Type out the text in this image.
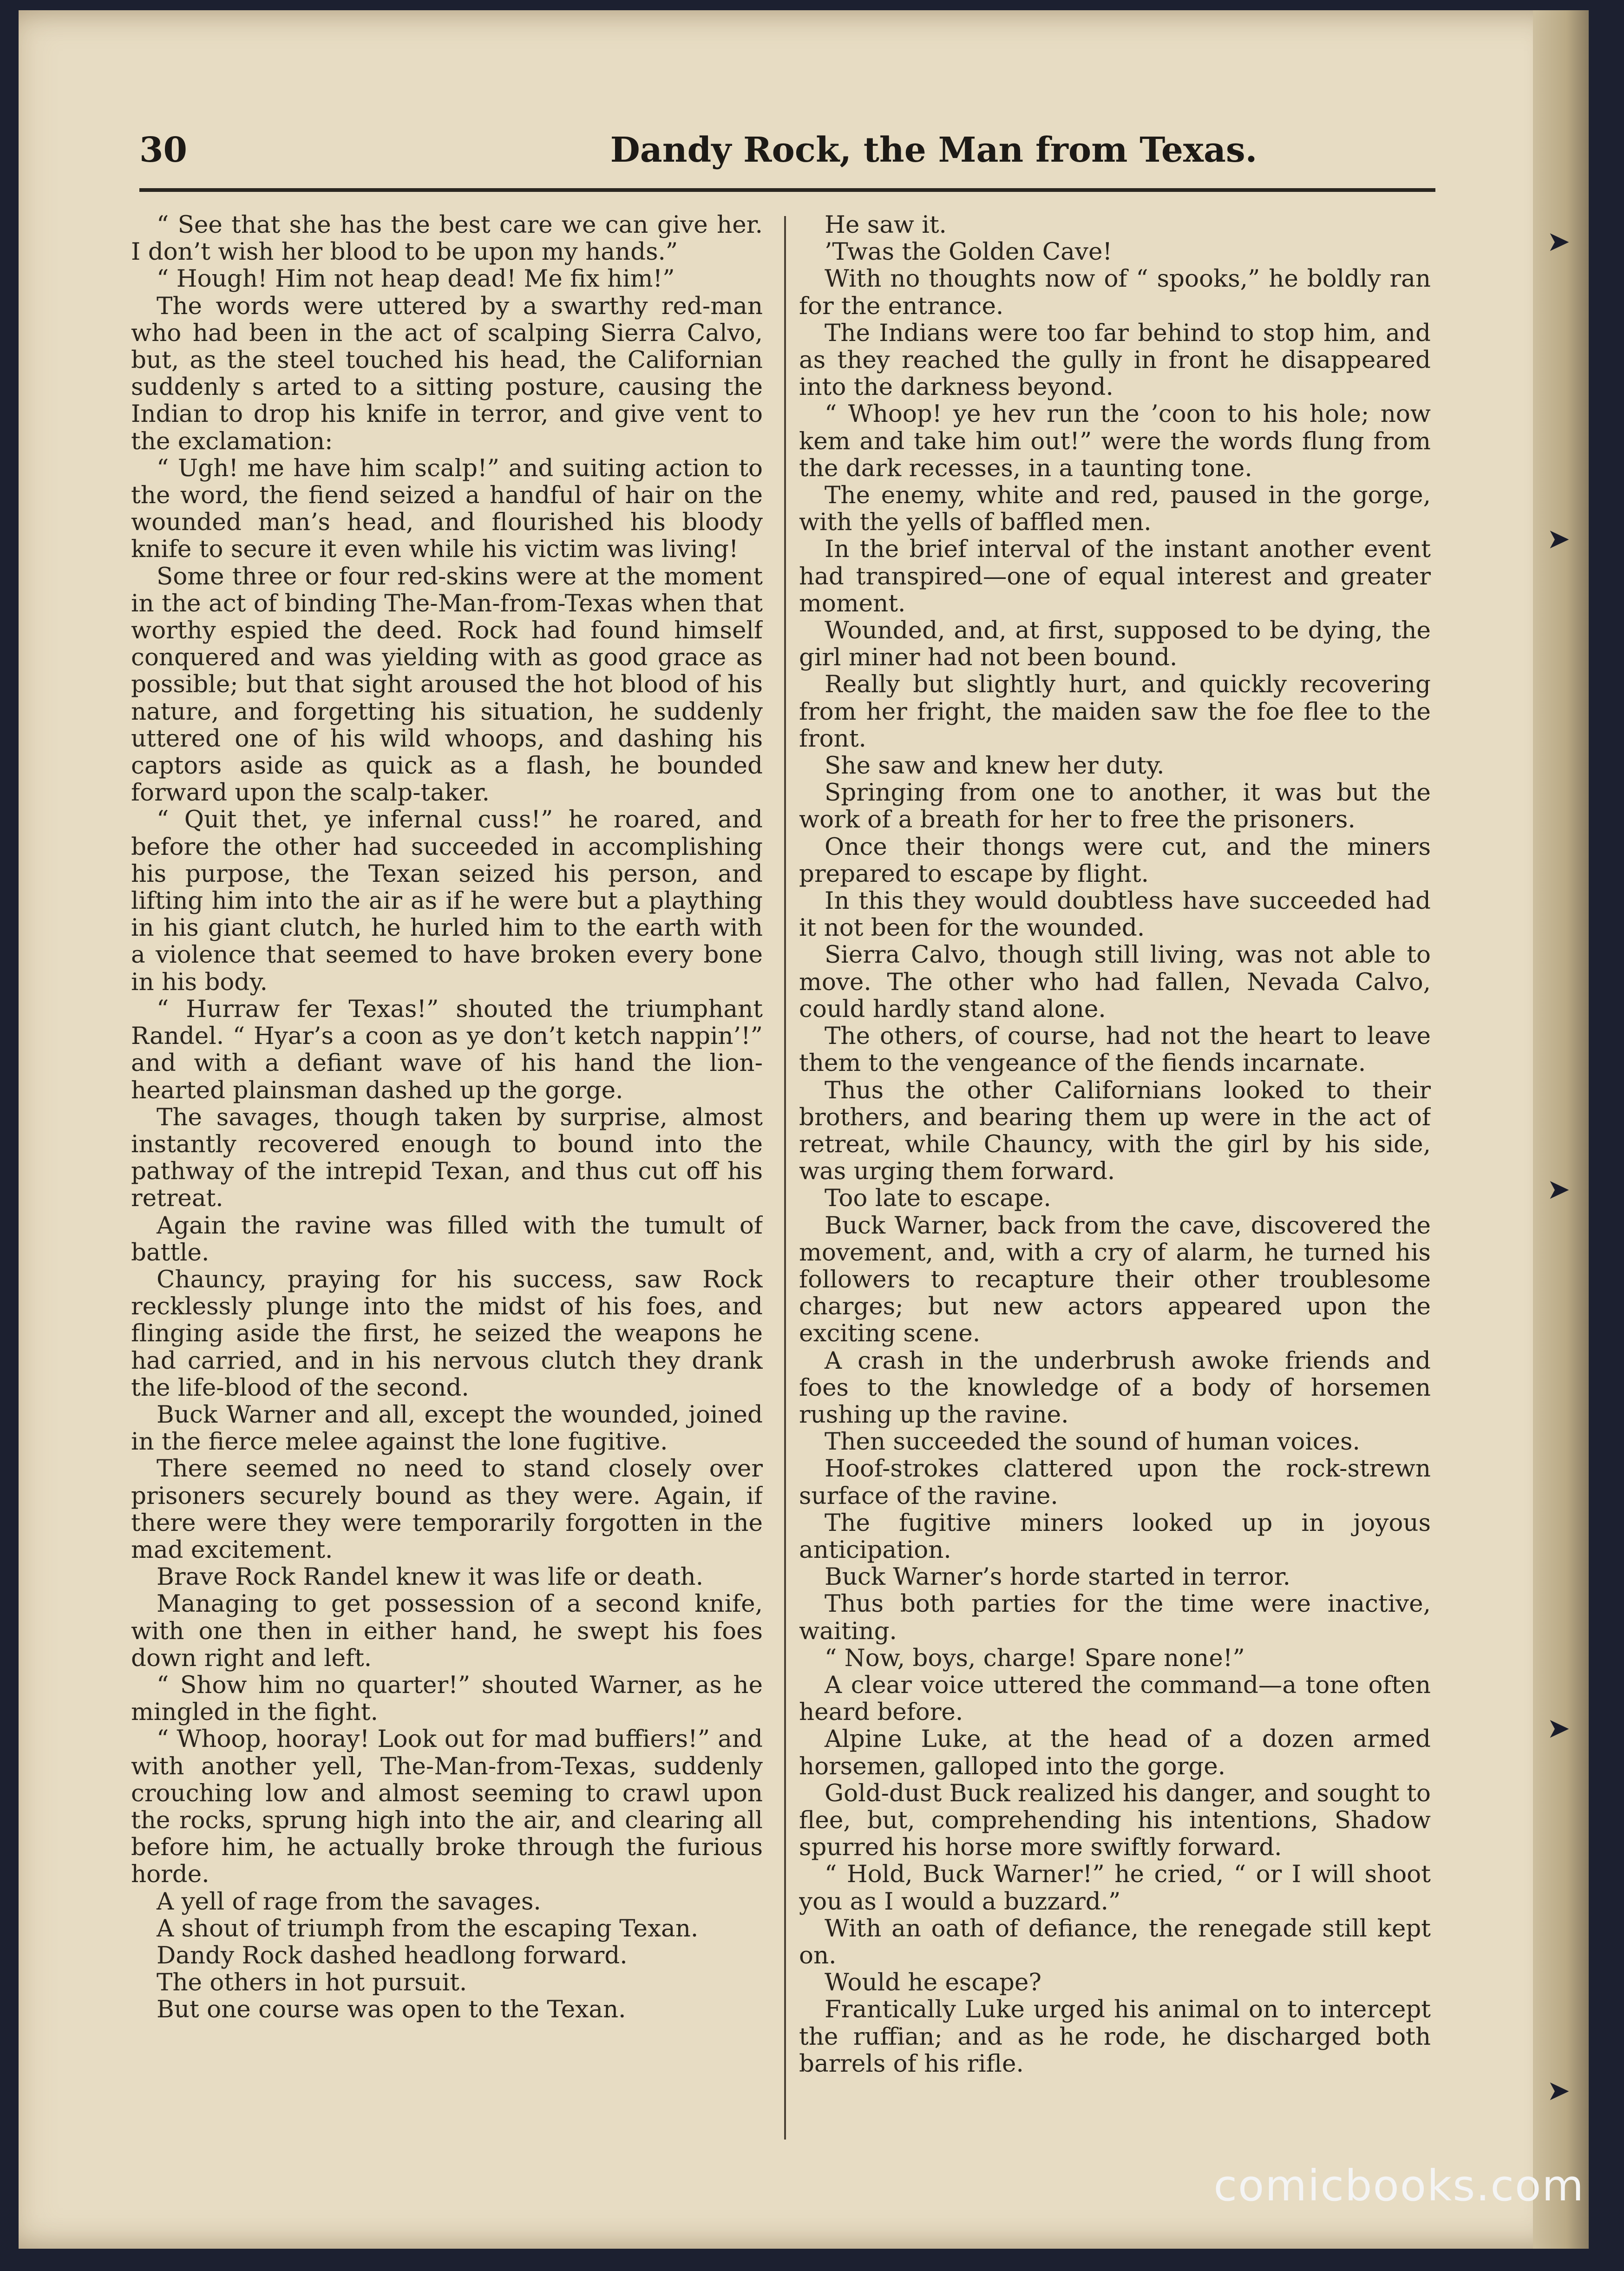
➤
➤
➤
➤
➤
30	Dandy Rock, the Man from Texas.

“ See that she has the best care we can give her. I don’t wish her blood to be upon my hands.”

“ Hough! Him not heap dead! Me fix him!”

The words were uttered by a swarthy red-man who had been in the act of scalping Sierra Calvo, but, as the steel touched his head, the Californian suddenly s arted to a sitting posture, causing the Indian to drop his knife in terror, and give vent to the exclamation:

“ Ugh! me have him scalp!” and suiting action to the word, the fiend seized a handful of hair on the wounded man’s head, and flourished his bloody knife to secure it even while his victim was living!

Some three or four red-skins were at the moment in the act of binding The-Man-from-Texas when that worthy espied the deed. Rock had found himself conquered and was yielding with as good grace as possible; but that sight aroused the hot blood of his nature, and forgetting his situation, he suddenly uttered one of his wild whoops, and dashing his captors aside as quick as a flash, he bounded forward upon the scalp-taker.

“ Quit thet, ye infernal cuss!” he roared, and before the other had succeeded in accomplishing his purpose, the Texan seized his person, and lifting him into the air as if he were but a plaything in his giant clutch, he hurled him to the earth with a violence that seemed to have broken every bone in his body.

“ Hurraw fer Texas!” shouted the triumphant Randel. “ Hyar’s a coon as ye don’t ketch nappin’!” and with a defiant wave of his hand the lion-hearted plainsman dashed up the gorge.

The savages, though taken by surprise, almost instantly recovered enough to bound into the pathway of the intrepid Texan, and thus cut off his retreat.

Again the ravine was filled with the tumult of battle.

Chauncy, praying for his success, saw Rock recklessly plunge into the midst of his foes, and flinging aside the first, he seized the weapons he had carried, and in his nervous clutch they drank the life-blood of the second.

Buck Warner and all, except the wounded, joined in the fierce melee against the lone fugitive.

There seemed no need to stand closely over prisoners securely bound as they were. Again, if there were they were temporarily forgotten in the mad excitement.

Brave Rock Randel knew it was life or death.

Managing to get possession of a second knife, with one then in either hand, he swept his foes down right and left.

“ Show him no quarter!” shouted Warner, as he mingled in the fight.

“ Whoop, hooray! Look out for mad buffiers!” and with another yell, The-Man-from-Texas, suddenly crouching low and almost seeming to crawl upon the rocks, sprung high into the air, and clearing all before him, he actually broke through the furious horde.

A yell of rage from the savages.

A shout of triumph from the escaping Texan.

Dandy Rock dashed headlong forward.

The others in hot pursuit.

But one course was open to the Texan.

He saw it.

’Twas the Golden Cave!

With no thoughts now of “ spooks,” he boldly ran for the entrance.

The Indians were too far behind to stop him, and as they reached the gully in front he disappeared into the darkness beyond.

“ Whoop! ye hev run the ’coon to his hole; now kem and take him out!” were the words flung from the dark recesses, in a taunting tone.

The enemy, white and red, paused in the gorge, with the yells of baffled men.

In the brief interval of the instant another event had transpired—one of equal interest and greater moment.

Wounded, and, at first, supposed to be dying, the girl miner had not been bound.

Really but slightly hurt, and quickly recovering from her fright, the maiden saw the foe flee to the front.

She saw and knew her duty.

Springing from one to another, it was but the work of a breath for her to free the prisoners.

Once their thongs were cut, and the miners prepared to escape by flight.

In this they would doubtless have succeeded had it not been for the wounded.

Sierra Calvo, though still living, was not able to move. The other who had fallen, Nevada Calvo, could hardly stand alone.

The others, of course, had not the heart to leave them to the vengeance of the fiends incarnate.

Thus the other Californians looked to their brothers, and bearing them up were in the act of retreat, while Chauncy, with the girl by his side, was urging them forward.

Too late to escape.

Buck Warner, back from the cave, discovered the movement, and, with a cry of alarm, he turned his followers to recapture their other troublesome charges; but new actors appeared upon the exciting scene.

A crash in the underbrush awoke friends and foes to the knowledge of a body of horsemen rushing up the ravine.

Then succeeded the sound of human voices.

Hoof-strokes clattered upon the rock-strewn surface of the ravine.

The fugitive miners looked up in joyous anticipation.

Buck Warner’s horde started in terror.

Thus both parties for the time were inactive, waiting.

“ Now, boys, charge! Spare none!”

A clear voice uttered the command—a tone often heard before.

Alpine Luke, at the head of a dozen armed horsemen, galloped into the gorge.

Gold-dust Buck realized his danger, and sought to flee, but, comprehending his intentions, Shadow spurred his horse more swiftly forward.

“ Hold, Buck Warner!” he cried, “ or I will shoot you as I would a buzzard.”

With an oath of defiance, the renegade still kept on.

Would he escape?

Frantically Luke urged his animal on to intercept the ruffian; and as he rode, he discharged both barrels of his rifle.

comicbooks.com
